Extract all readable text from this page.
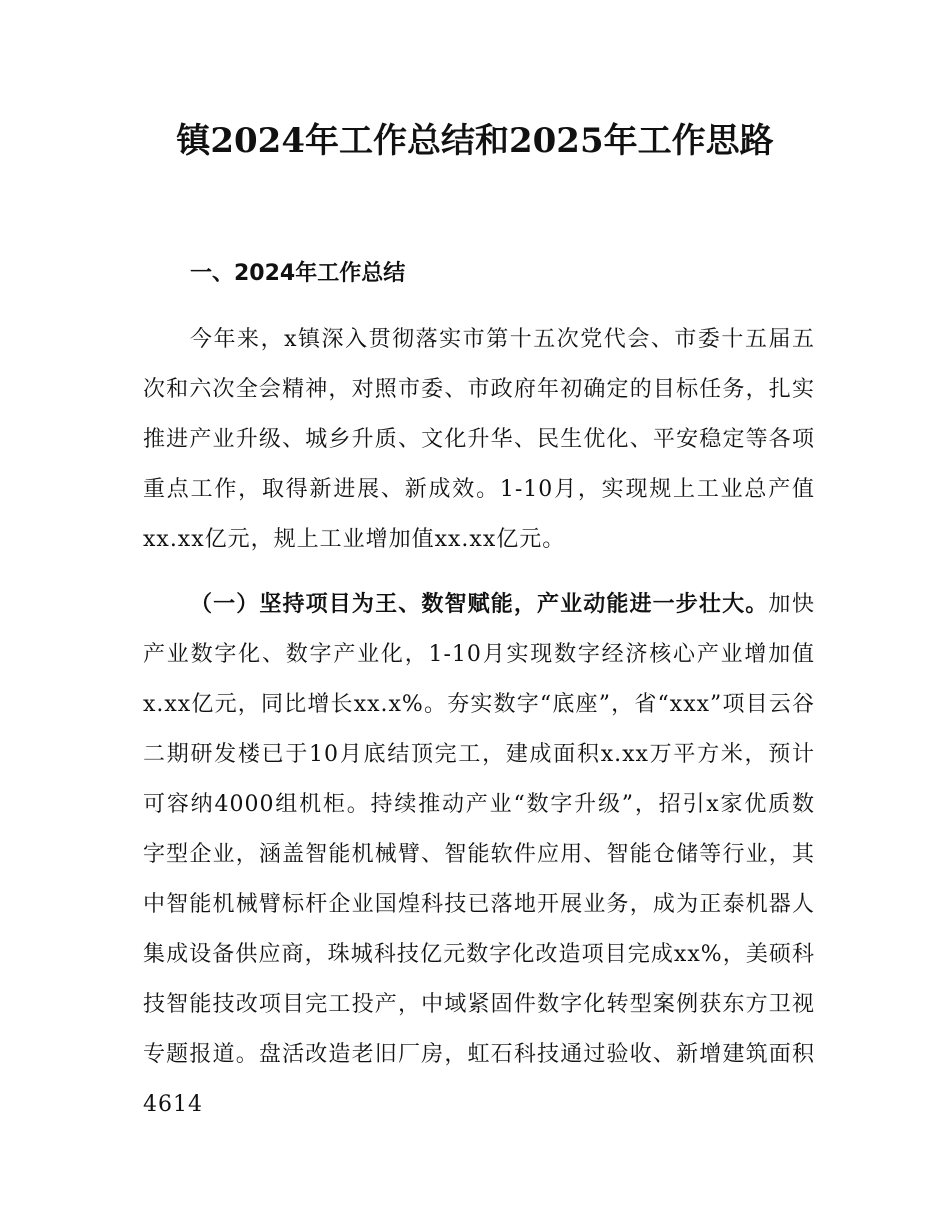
镇2024年工作总结和2025年工作思路
一、2024年工作总结

今年来，x镇深入贯彻落实市第十五次党代会、市委十五届五次和六次全会精神，对照市委、市政府年初确定的目标任务，扎实推进产业升级、城乡升质、文化升华、民生优化、平安稳定等各项重点工作，取得新进展、新成效。1-10月，实现规上工业总产值xx.xx亿元，规上工业增加值xx.xx亿元。

（一）坚持项目为王、数智赋能，产业动能进一步壮大。加快产业数字化、数字产业化，1-10月实现数字经济核心产业增加值x.xx亿元，同比增长xx.x%。夯实数字“底座”，省“xxx”项目云谷二期研发楼已于10月底结顶完工，建成面积x.xx万平方米，预计可容纳4000组机柜。持续推动产业“数字升级”，招引x家优质数字型企业，涵盖智能机械臂、智能软件应用、智能仓储等行业，其中智能机械臂标杆企业国煌科技已落地开展业务，成为正泰机器人集成设备供应商，珠城科技亿元数字化改造项目完成xx%，美硕科技智能技改项目完工投产，中域紧固件数字化转型案例获东方卫视专题报道。盘活改造老旧厂房，虹石科技通过验收、新增建筑面积4614
